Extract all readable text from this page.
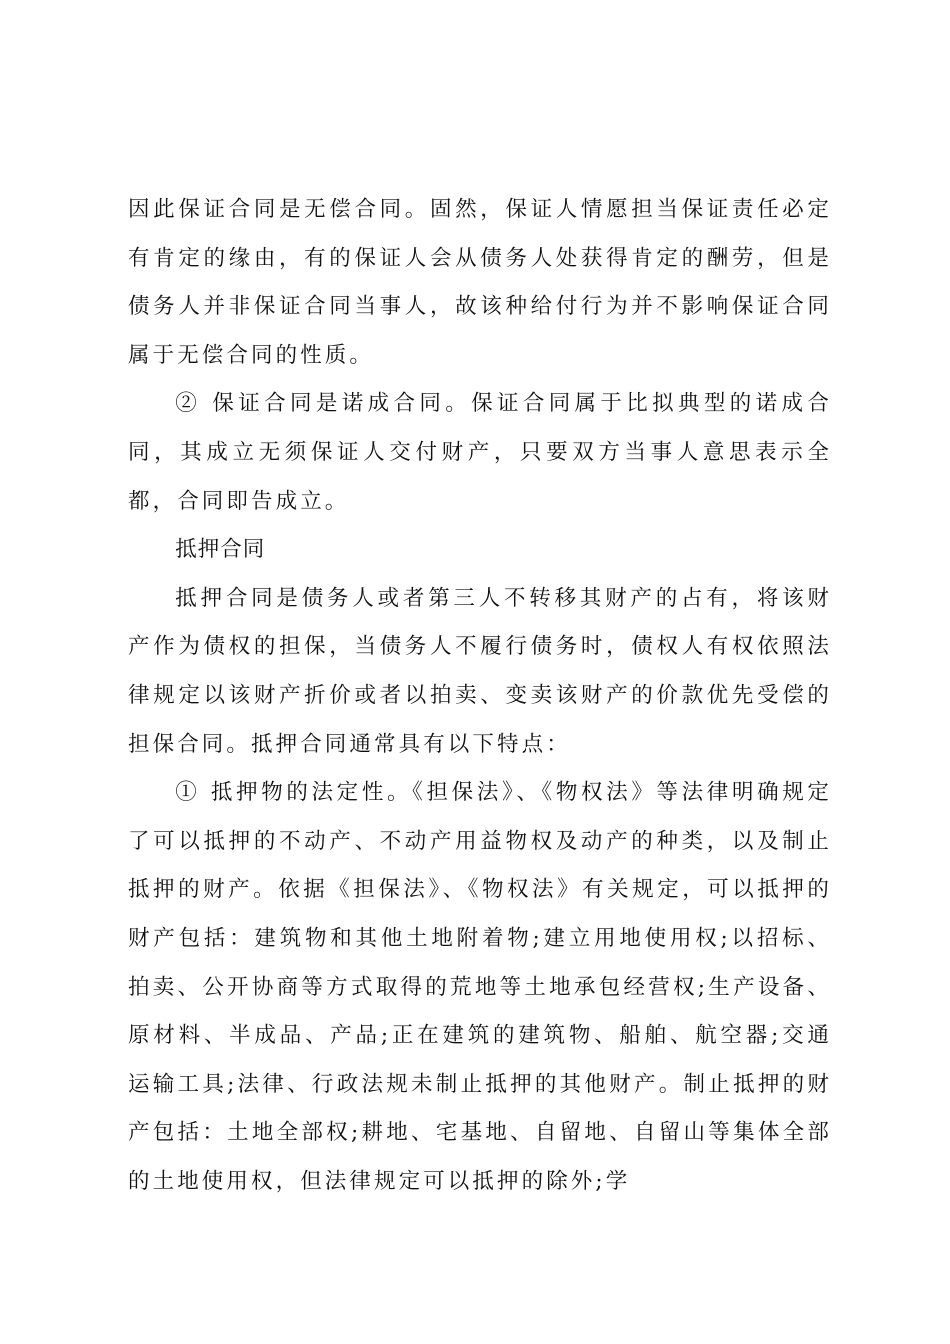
因此保证合同是无偿合同。固然，保证人情愿担当保证责任必定有肯定的缘由，有的保证人会从债务人处获得肯定的酬劳，但是债务人并非保证合同当事人，故该种给付行为并不影响保证合同属于无偿合同的性质。

② 保证合同是诺成合同。保证合同属于比拟典型的诺成合同，其成立无须保证人交付财产，只要双方当事人意思表示全都，合同即告成立。

抵押合同

抵押合同是债务人或者第三人不转移其财产的占有，将该财产作为债权的担保，当债务人不履行债务时，债权人有权依照法律规定以该财产折价或者以拍卖、变卖该财产的价款优先受偿的担保合同。抵押合同通常具有以下特点：

① 抵押物的法定性。《担保法》、《物权法》等法律明确规定了可以抵押的不动产、不动产用益物权及动产的种类，以及制止抵押的财产。依据《担保法》、《物权法》有关规定，可以抵押的财产包括：建筑物和其他土地附着物;建立用地使用权;以招标、拍卖、公开协商等方式取得的荒地等土地承包经营权;生产设备、原材料、半成品、产品;正在建筑的建筑物、船舶、航空器;交通运输工具;法律、行政法规未制止抵押的其他财产。制止抵押的财产包括：土地全部权;耕地、宅基地、自留地、自留山等集体全部的土地使用权，但法律规定可以抵押的除外;学
